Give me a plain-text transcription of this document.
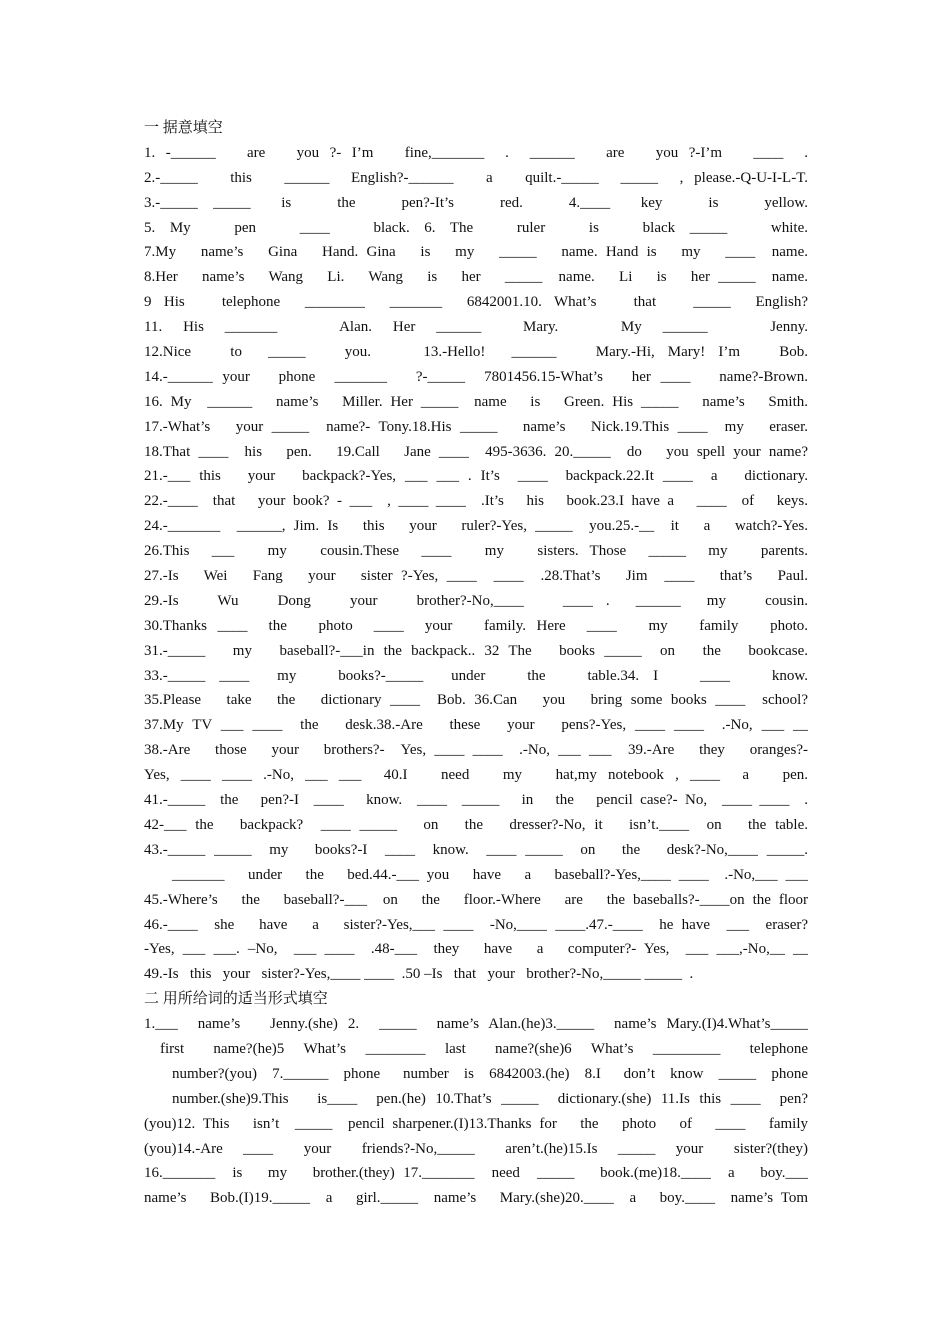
一 据意填空
1. -______   are   you ?- I’m   fine,_______  .  ______   are   you ?-I’m   ____  .
2.-_____   this   ______  English?-______   a   quilt.-_____  _____  , please.-Q-U-I-L-T.
3.-_____ _____  is   the   pen?-It’s   red.   4.____  key   is   yellow.
5. My   pen   ____   black. 6. The   ruler   is   black _____   white.
7.My   name’s   Gina   Hand. Gina   is   my   _____   name. Hand is   my   ____  name.
8.Her   name’s   Wang   Li.   Wang   is   her   _____  name.   Li   is   her _____  name.
9 His   telephone  ________  _______  6842001.10. What’s   that   _____  English?
11. His _______   Alan. Her ______  Mary.   My ______   Jenny.
12.Nice   to  _____   you.    13.-Hello!  ______   Mary.-Hi, Mary! I’m   Bob.
14.-______ your   phone  _______   ?-_____  7801456.15-What’s   her ____   name?-Brown.
16. My  ______   name’s   Miller. Her _____  name   is   Green. His _____   name’s   Smith.
17.-What’s   your _____  name?- Tony.18.His _____   name’s   Nick.19.This ____  my   eraser.
18.That ____  his   pen.   19.Call   Jane ____  495-3636. 20._____  do   you spell your name?
21.-___ this   your   backpack?-Yes, ___ ___ . It’s  ____  backpack.22.It ____  a   dictionary.
22.-____  that   your book? - ___  , ____ ____  .It’s   his   book.23.I have a   ____  of   keys.
24.-_______  ______, Jim. Is   this   your   ruler?-Yes, _____  you.25.-__  it   a   watch?-Yes.
26.This  ___   my   cousin.These  ____   my   sisters. Those  _____  my   parents.
27.-Is   Wei   Fang   your   sister ?-Yes, ____  ____  .28.That’s   Jim  ____   that’s   Paul.
29.-Is   Wu   Dong   your   brother?-No,____   ____ .  ______  my   cousin.
30.Thanks ____  the   photo  ____  your   family. Here  ____   my   family   photo.
31.-_____   my   baseball?-___in the backpack.. 32 The   books _____  on   the   bookcase.
33.-_____ ____  my   books?-_____  under   the   table.34. I   ____   know.
35.Please   take   the   dictionary ____  Bob. 36.Can   you   bring some books ____  school?
37.My TV ___ ____  the   desk.38.-Are   these   your   pens?-Yes, ____ ____  .-No, ___ __
38.-Are   those   your   brothers?-  Yes, ____ ____  .-No, ___ ___  39.-Are   they   oranges?-
Yes, ____ ____ .-No, ___ ___  40.I   need   my   hat,my notebook , ____  a   pen.
41.-_____  the   pen?-I  ____   know.  ____  _____   in   the   pencil case?- No,  ____ ____  .
42-___ the   backpack?  ____ _____   on   the   dresser?-No, it   isn’t.____  on   the table.
43.-_____ _____  my   books?-I  ____  know.  ____ _____  on   the   desk?-No,____ _____.
_______   under   the   bed.44.-___ you   have   a   baseball?-Yes,____ ____  .-No,___ ___
45.-Where’s   the   baseball?-___  on   the   floor.-Where   are   the baseballs?-____on the floor
46.-____  she   have   a   sister?-Yes,___ ____  -No,____ ____.47.-____  he have  ___  eraser?
-Yes, ___ ___. –No,  ___ ____  .48-___  they   have   a   computer?- Yes,  ___ ___,-No,__ __
49.-Is   this   your   sister?-Yes,____ ____  .50 –Is   that   your   brother?-No,_____ _____  .
二 用所给词的适当形式填空
1.___  name’s   Jenny.(she) 2.  _____  name’s Alan.(he)3._____  name’s Mary.(I)4.What’s_____
first   name?(he)5  What’s  ________  last   name?(she)6  What’s  _________   telephone
number?(you)  7.______  phone   number  is  6842003.(he)  8.I   don’t  know  _____  phone
number.(she)9.This   is____  pen.(he) 10.That’s _____  dictionary.(she) 11.Is this ____  pen?
(you)12. This   isn’t  _____  pencil sharpener.(I)13.Thanks for   the   photo   of   ____   family
(you)14.-Are  ____   your   friends?-No,_____   aren’t.(he)15.Is  _____  your   sister?(they)
16._______  is   my   brother.(they) 17._______  need  _____   book.(me)18.____  a   boy.___
name’s   Bob.(I)19._____  a   girl._____  name’s   Mary.(she)20.____  a   boy.____  name’s Tom
